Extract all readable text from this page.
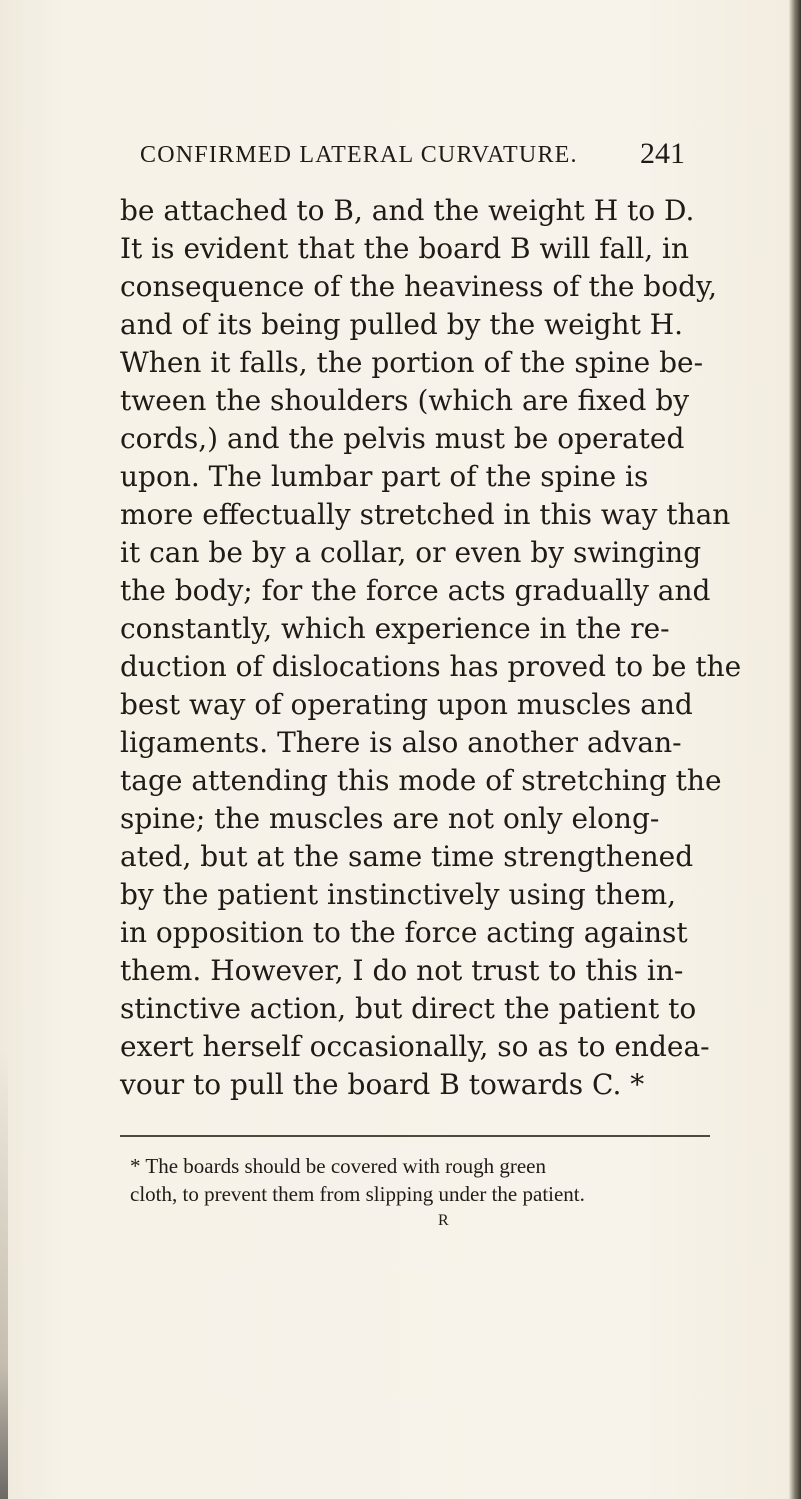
CONFIRMED LATERAL CURVATURE. 241
be attached to B, and the weight H to D.
It is evident that the board B will fall, in
consequence of the heaviness of the body,
and of its being pulled by the weight H.
When it falls, the portion of the spine be-
tween the shoulders (which are fixed by
cords,) and the pelvis must be operated
upon. The lumbar part of the spine is
more effectually stretched in this way than
it can be by a collar, or even by swinging
the body; for the force acts gradually and
constantly, which experience in the re-
duction of dislocations has proved to be the
best way of operating upon muscles and
ligaments. There is also another advan-
tage attending this mode of stretching the
spine; the muscles are not only elong-
ated, but at the same time strengthened
by the patient instinctively using them,
in opposition to the force acting against
them. However, I do not trust to this in-
stinctive action, but direct the patient to
exert herself occasionally, so as to endea-
vour to pull the board B towards C. *
* The boards should be covered with rough green
cloth, to prevent them from slipping under the patient.
R
